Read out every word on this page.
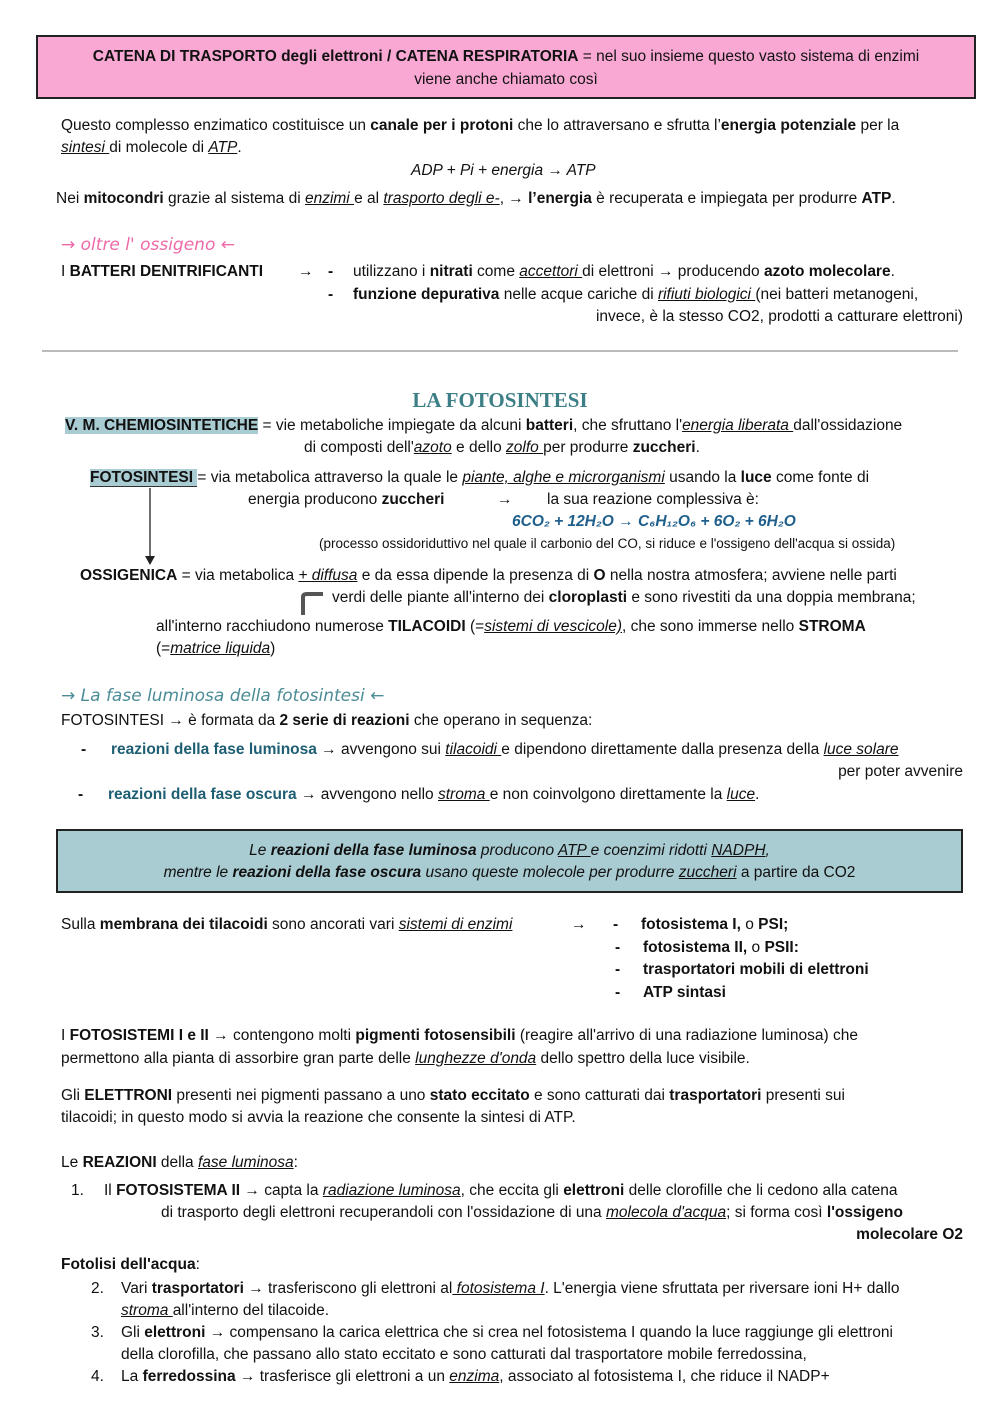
CATENA DI TRASPORTO degli elettroni / CATENA RESPIRATORIA = nel suo insieme questo vasto sistema di enzimi
viene anche chiamato così
Questo complesso enzimatico costituisce un canale per i protoni che lo attraversano e sfrutta l’energia potenziale per la
sintesi di molecole di ATP.
ADP + Pi + energia → ATP
Nei mitocondri grazie al sistema di enzimi e al trasporto degli e-, → l’energia è recuperata e impiegata per produrre ATP.
→ oltre l' ossigeno ←
I BATTERI DENITRIFICANTI → - utilizzano i nitrati come accettori di elettroni → producendo azoto molecolare.
- funzione depurativa nelle acque cariche di rifiuti biologici (nei batteri metanogeni,
invece, è la stesso CO2, prodotti a catturare elettroni)
LA FOTOSINTESI
V. M. CHEMIOSINTETICHE = vie metaboliche impiegate da alcuni batteri, che sfruttano l'energia liberata dall'ossidazione
di composti dell'azoto e dello zolfo per produrre zuccheri.
FOTOSINTESI = via metabolica attraverso la quale le piante, alghe e microrganismi usando la luce come fonte di
energia producono zuccheri	→ la sua reazione complessiva è:
6CO₂ + 12H₂O → C₆H₁₂O₆ + 6O₂ + 6H₂O
(processo ossidoriduttivo nel quale il carbonio del CO, si riduce e l'ossigeno dell'acqua si ossida)
OSSIGENICA = via metabolica + diffusa e da essa dipende la presenza di O nella nostra atmosfera; avviene nelle parti
verdi delle piante all'interno dei cloroplasti e sono rivestiti da una doppia membrana;
all'interno racchiudono numerose TILACOIDI (=sistemi di vescicole), che sono immerse nello STROMA
(=matrice liquida)
→ La fase luminosa della fotosintesi ←
FOTOSINTESI → è formata da 2 serie di reazioni che operano in sequenza:
- reazioni della fase luminosa → avvengono sui tilacoidi e dipendono direttamente dalla presenza della luce solare
per poter avvenire
- reazioni della fase oscura → avvengono nello stroma e non coinvolgono direttamente la luce.
Le reazioni della fase luminosa producono ATP e coenzimi ridotti NADPH,
mentre le reazioni della fase oscura usano queste molecole per produrre zuccheri a partire da CO2
Sulla membrana dei tilacoidi sono ancorati vari sistemi di enzimi	→ - fotosistema I, o PSI;
- fotosistema II, o PSII:
- trasportatori mobili di elettroni
- ATP sintasi
I FOTOSISTEMI I e II → contengono molti pigmenti fotosensibili (reagire all'arrivo di una radiazione luminosa) che
permettono alla pianta di assorbire gran parte delle lunghezze d'onda dello spettro della luce visibile.
Gli ELETTRONI presenti nei pigmenti passano a uno stato eccitato e sono catturati dai trasportatori presenti sui
tilacoidi; in questo modo si avvia la reazione che consente la sintesi di ATP.
Le REAZIONI della fase luminosa:
1. Il FOTOSISTEMA II → capta la radiazione luminosa, che eccita gli elettroni delle clorofille che li cedono alla catena
di trasporto degli elettroni recuperandoli con l'ossidazione di una molecola d'acqua; si forma così l'ossigeno
molecolare O2
Fotolisi dell'acqua:
2. Vari trasportatori → trasferiscono gli elettroni al fotosistema I. L'energia viene sfruttata per riversare ioni H+ dallo
stroma all'interno del tilacoide.
3. Gli elettroni → compensano la carica elettrica che si crea nel fotosistema I quando la luce raggiunge gli elettroni
della clorofilla, che passano allo stato eccitato e sono catturati dal trasportatore mobile ferredossina,
4. La ferredossina → trasferisce gli elettroni a un enzima, associato al fotosistema I, che riduce il NADP+
